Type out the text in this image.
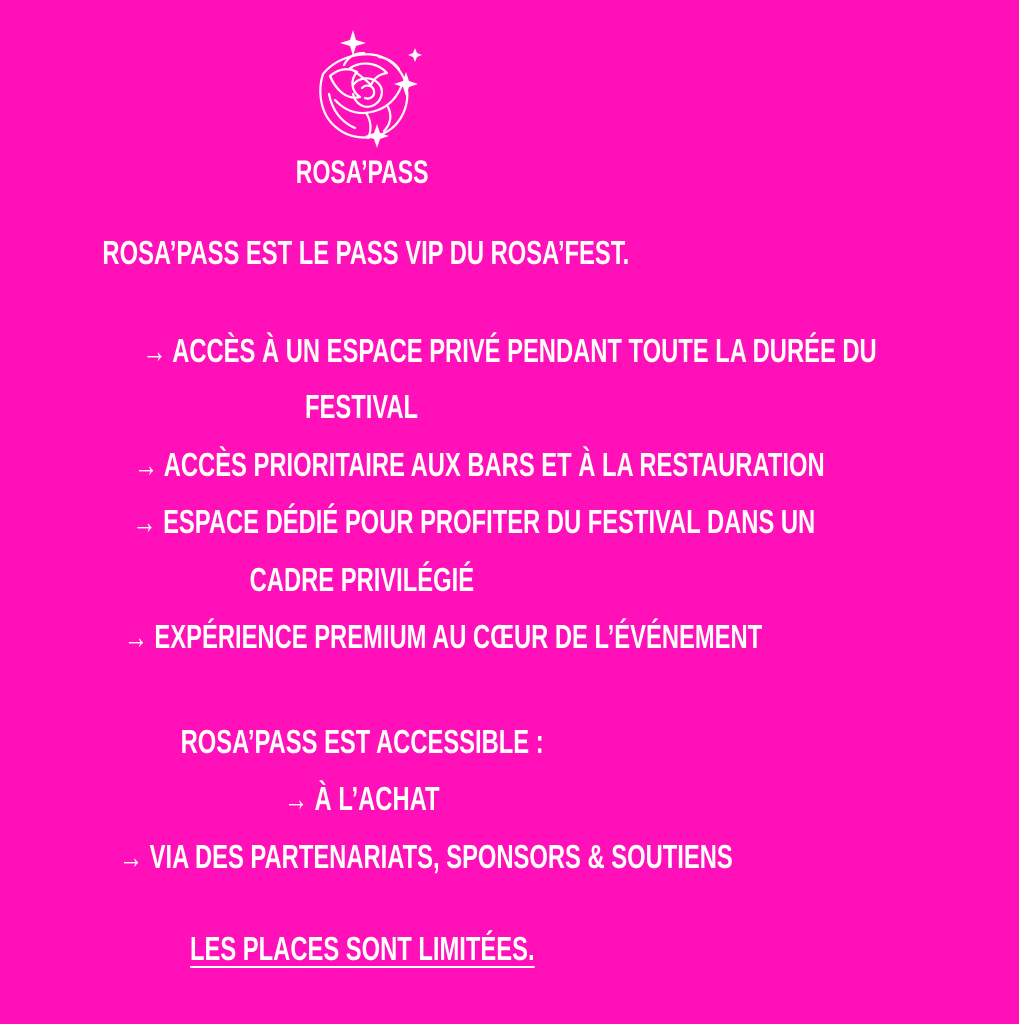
ROSA’PASS
ROSA’PASS EST LE PASS VIP DU ROSA’FEST.
→ ACCÈS À UN ESPACE PRIVÉ PENDANT TOUTE LA DURÉE DU
FESTIVAL
→ ACCÈS PRIORITAIRE AUX BARS ET À LA RESTAURATION
→ ESPACE DÉDIÉ POUR PROFITER DU FESTIVAL DANS UN
CADRE PRIVILÉGIÉ
→ EXPÉRIENCE PREMIUM AU CŒUR DE L’ÉVÉNEMENT
ROSA’PASS EST ACCESSIBLE :
→ À L’ACHAT
→ VIA DES PARTENARIATS, SPONSORS & SOUTIENS
LES PLACES SONT LIMITÉES.
